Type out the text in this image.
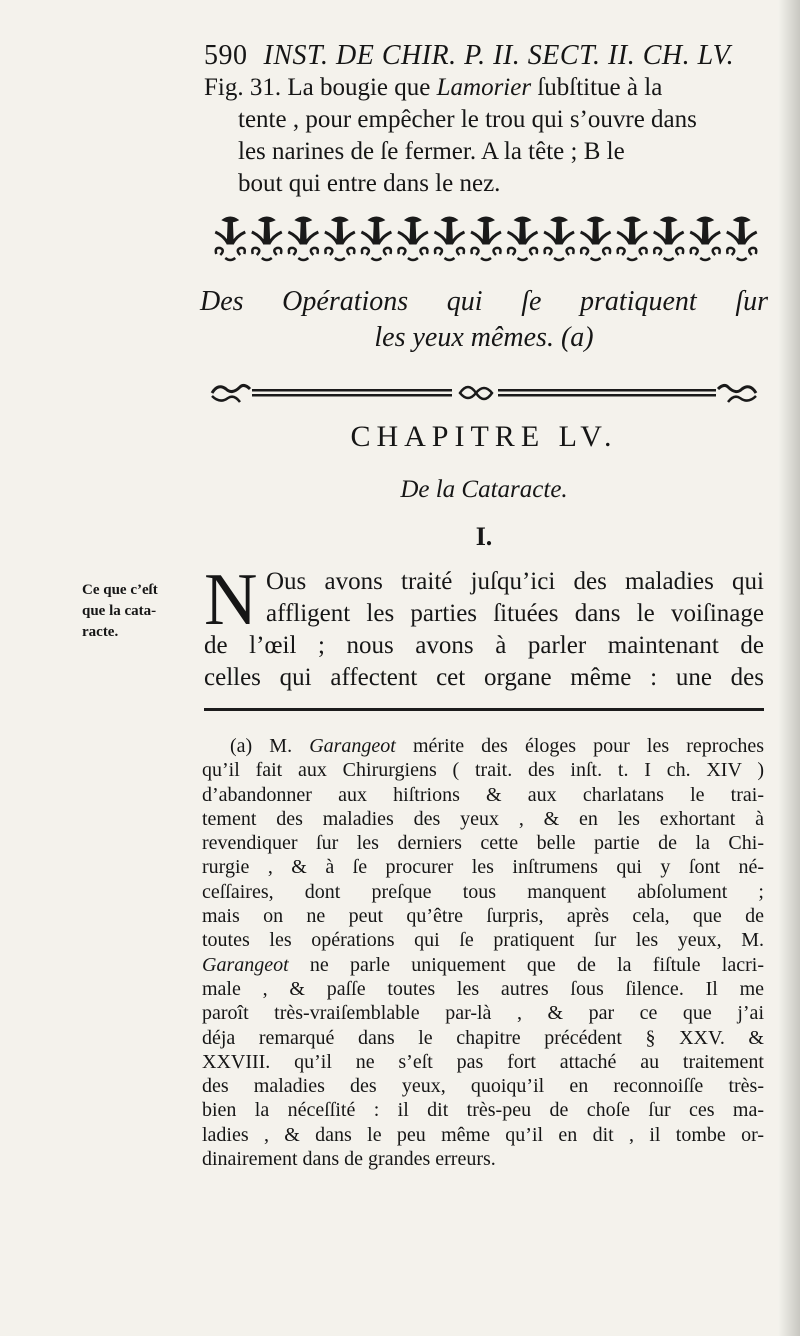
590 INST. DE CHIR. P. II. SECT. II. CH. LV.
Fig. 31. La bougie que Lamorier ſubſtitue à la
tente , pour empêcher le trou qui s’ouvre dans
les narines de ſe fermer. A la tête ; B le
bout qui entre dans le nez.
Des Opérations qui ſe pratiquent ſur
les yeux mêmes. (a)
CHAPITRE LV.
De la Cataracte.
I.
Ce que c’eſt
que la cata-
racte.	N Ous avons traité juſqu’ici des maladies qui
affligent les parties ſituées dans le voiſinage
de l’œil ; nous avons à parler maintenant de
celles qui affectent cet organe même : une des
(a) M. Garangeot mérite des éloges pour les reproches
qu’il fait aux Chirurgiens ( trait. des inſt. t. I ch. XIV )
d’abandonner aux hiſtrions & aux charlatans le trai-
tement des maladies des yeux , & en les exhortant à
revendiquer ſur les derniers cette belle partie de la Chi-
rurgie , & à ſe procurer les inſtrumens qui y ſont né-
ceſſaires, dont preſque tous manquent abſolument ;
mais on ne peut qu’être ſurpris, après cela, que de
toutes les opérations qui ſe pratiquent ſur les yeux, M.
Garangeot ne parle uniquement que de la fiſtule lacri-
male , & paſſe toutes les autres ſous ſilence. Il me
paroît très-vraiſemblable par-là , & par ce que j’ai
déja remarqué dans le chapitre précédent § XXV. &
XXVIII. qu’il ne s’eſt pas fort attaché au traitement
des maladies des yeux, quoiqu’il en reconnoiſſe très-
bien la néceſſité : il dit très-peu de choſe ſur ces ma-
ladies , & dans le peu même qu’il en dit , il tombe or-
dinairement dans de grandes erreurs.
